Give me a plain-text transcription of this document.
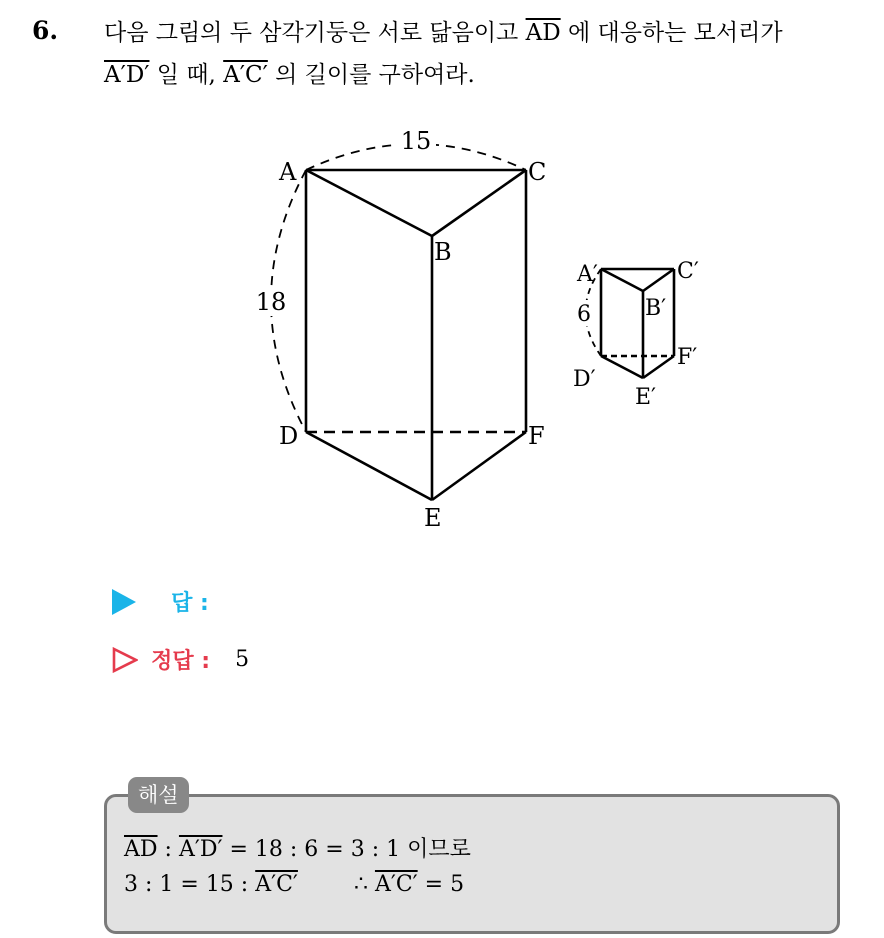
6. 다음 그림의 두 삼각기둥은 서로 닮음이고 $\overline{AD}$ 에 대응하는 모서리가
A′D′ 일 때, A′C′ 의 길이를 구하여라.
15
18
A
B
C
D
E
F
6
A′
B′
C′
D′
E′
F′
답 :
정답 : 5
해설
$\overline{AD}$ : A′D′ = 18 : 6 = 3 : 1 이므로
3 : 1 = 15 : A′C′	∴ A′C′ = 5
